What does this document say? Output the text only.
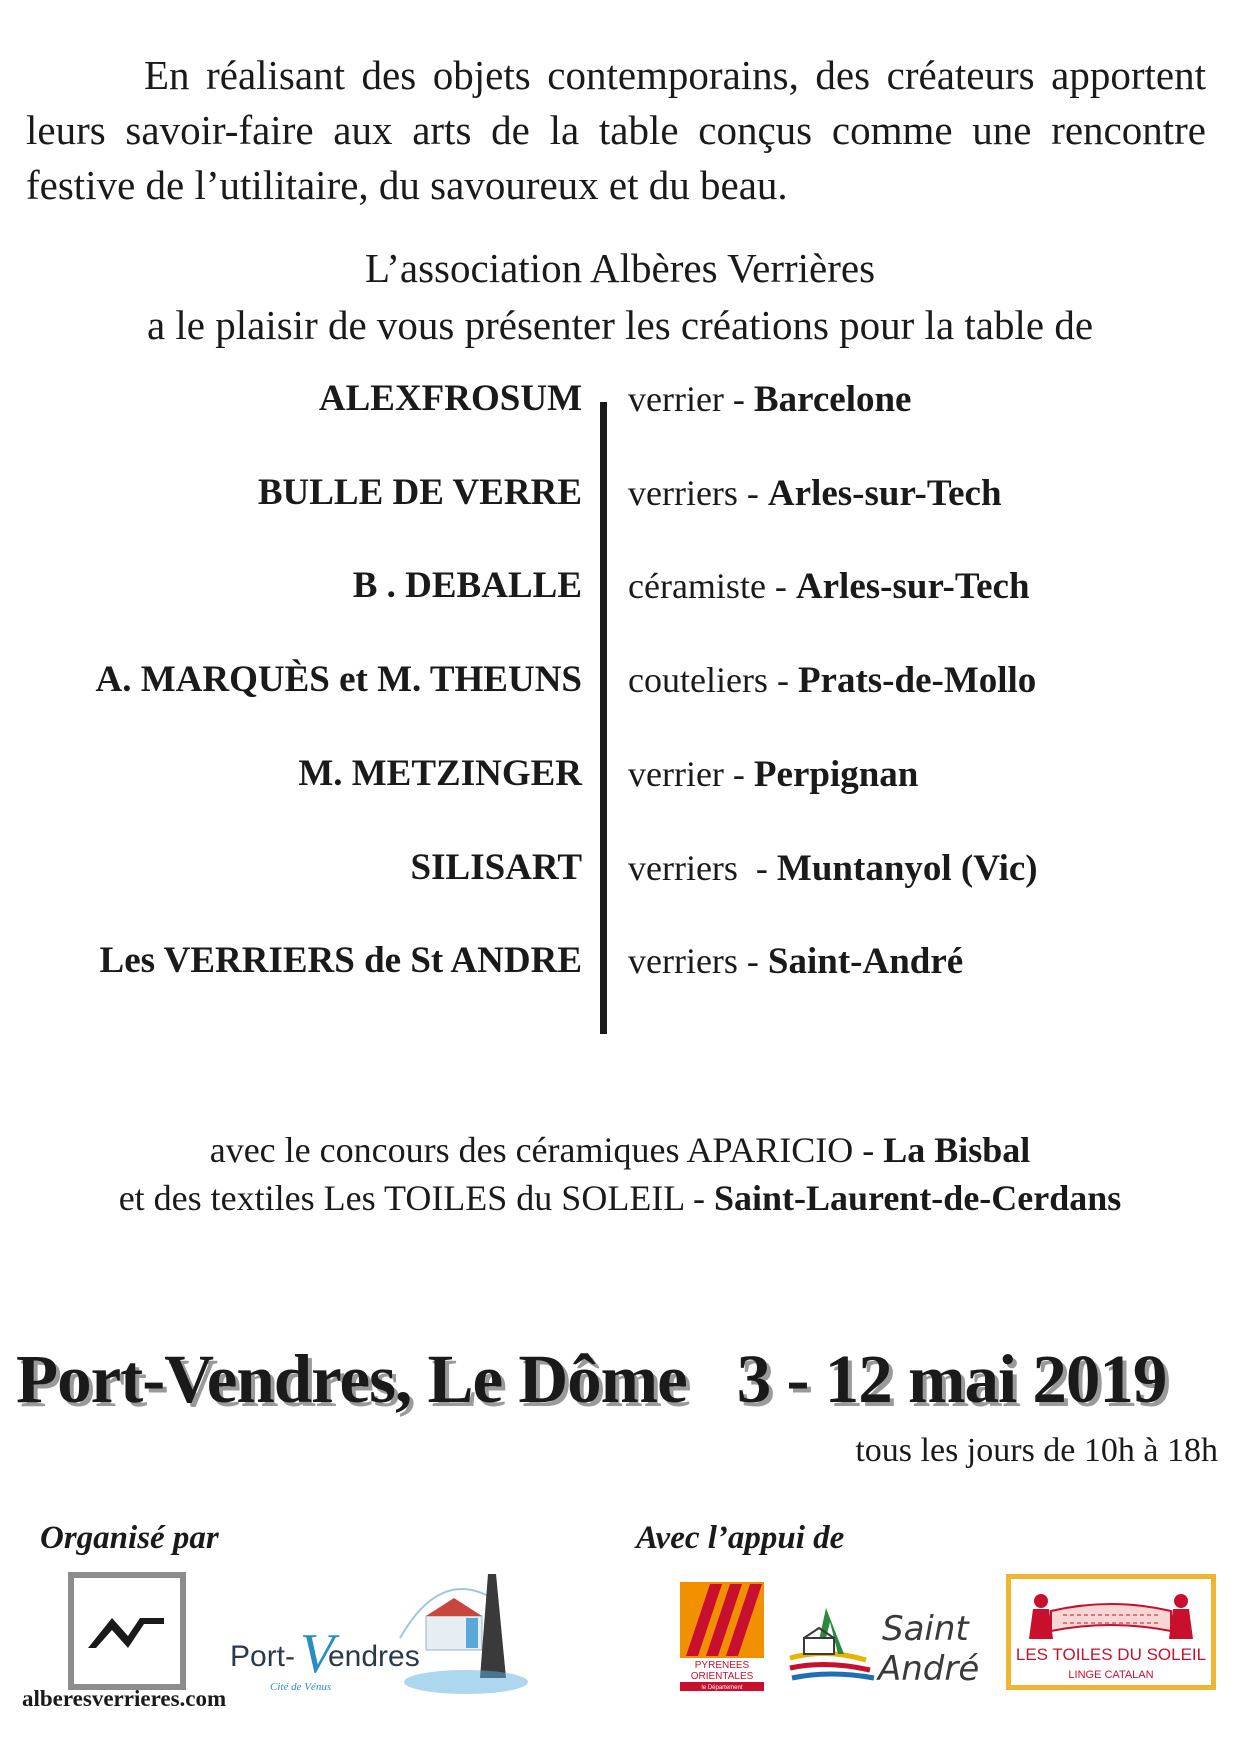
En réalisant des objets contemporains, des créateurs apportent leurs savoir-faire aux arts de la table conçus comme une rencontre festive de l’utilitaire, du savoureux et du beau.

L’association Albères Verrières
a le plaisir de vous présenter les créations pour la table de
ALEXFROSUM verrier - Barcelone
BULLE DE VERRE verriers - Arles-sur-Tech
B . DEBALLE céramiste - Arles-sur-Tech
A. MARQUÈS et M. THEUNS couteliers - Prats-de-Mollo
M. METZINGER verrier - Perpignan
SILISART verriers  - Muntanyol (Vic)
Les VERRIERS de St ANDRE verriers - Saint-André
avec le concours des céramiques APARICIO - La Bisbal
et des textiles Les TOILES du SOLEIL - Saint-Laurent-de-Cerdans
Port-Vendres, Le Dôme 3 - 12 mai 2019
tous les jours de 10h à 18h
Organisé par	Avec l’appui de
AV
alberesverrieres.com
Port- V
endres
Cité de Vénus
PYRENEES
ORIENTALES
le Département
Saint
André LES TOILES DU SOLEIL
LINGE CATALAN
